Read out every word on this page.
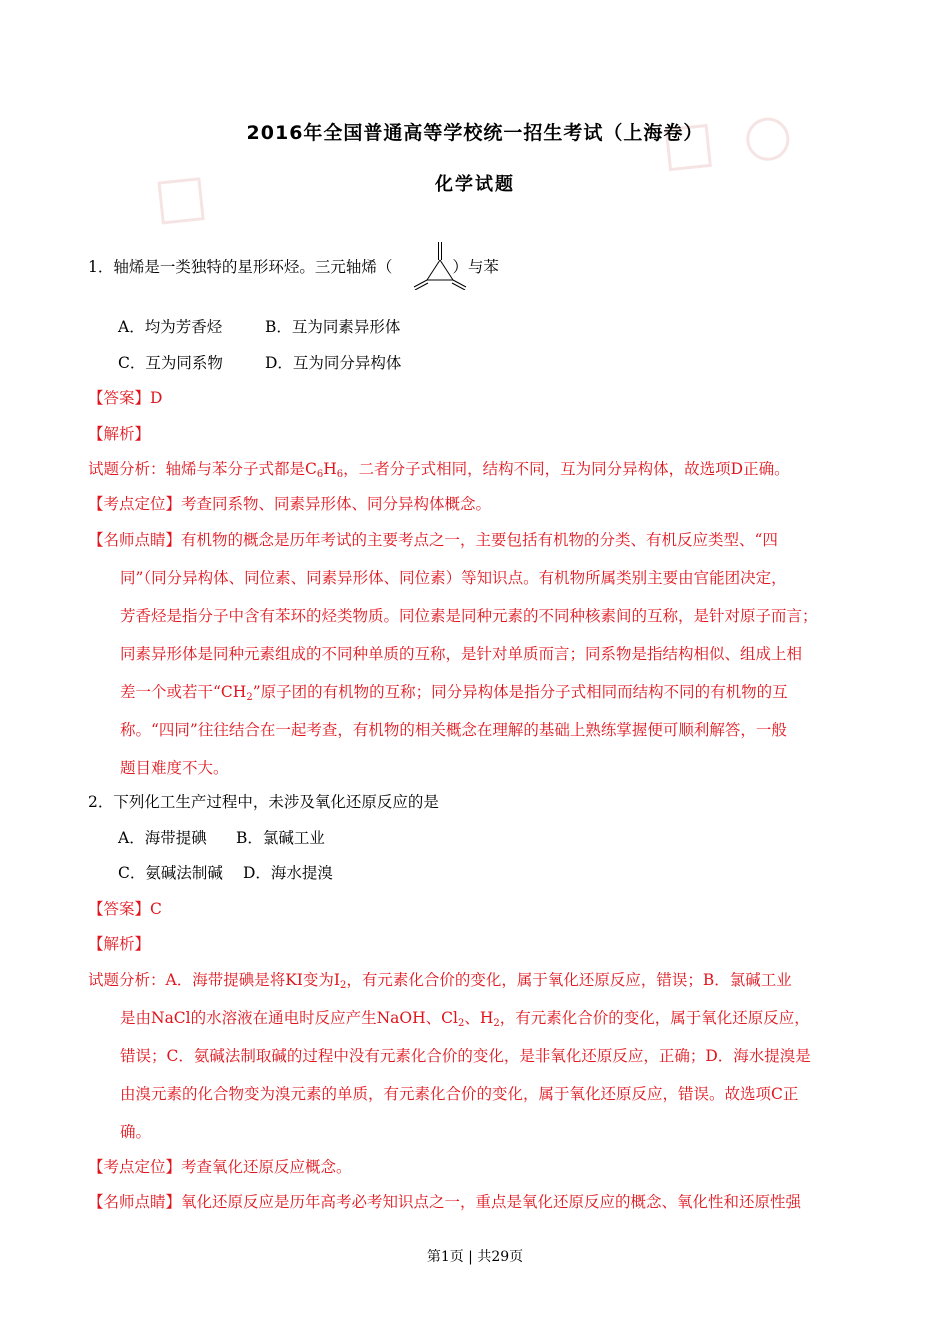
2016年全国普通高等学校统一招生考试（上海卷）
化学试题
1．轴烯是一类独特的星形环烃。三元轴烯（	）与苯
A．均为芳香烃	B．互为同素异形体
C．互为同系物	D．互为同分异构体
【答案】D
【解析】
试题分析：轴烯与苯分子式都是$C_6H_6$，二者分子式相同，结构不同，互为同分异构体，故选项D正确。
【考点定位】考查同系物、同素异形体、同分异构体概念。
【名师点睛】有机物的概念是历年考试的主要考点之一，主要包括有机物的分类、有机反应类型、“四
同”（同分异构体、同位素、同素异形体、同位素）等知识点。有机物所属类别主要由官能团决定，
芳香烃是指分子中含有苯环的烃类物质。同位素是同种元素的不同种核素间的互称，是针对原子而言；
同素异形体是同种元素组成的不同种单质的互称，是针对单质而言；同系物是指结构相似、组成上相
差一个或若干“$CH_2$”原子团的有机物的互称；同分异构体是指分子式相同而结构不同的有机物的互
称。“四同”往往结合在一起考查，有机物的相关概念在理解的基础上熟练掌握便可顺利解答，一般
题目难度不大。
2．下列化工生产过程中，未涉及氧化还原反应的是
A．海带提碘 B．氯碱工业
C．氨碱法制碱 D．海水提溴
【答案】C
【解析】
试题分析：A．海带提碘是将KI变为$I_2$，有元素化合价的变化，属于氧化还原反应，错误；B．氯碱工业
是由NaCl的水溶液在通电时反应产生NaOH、$Cl_2$、$H_2$，有元素化合价的变化，属于氧化还原反应，
错误；C．氨碱法制取碱的过程中没有元素化合价的变化，是非氧化还原反应，正确；D．海水提溴是
由溴元素的化合物变为溴元素的单质，有元素化合价的变化，属于氧化还原反应，错误。故选项C正
确。
【考点定位】考查氧化还原反应概念。
【名师点睛】氧化还原反应是历年高考必考知识点之一，重点是氧化还原反应的概念、氧化性和还原性强
第1页 | 共29页
